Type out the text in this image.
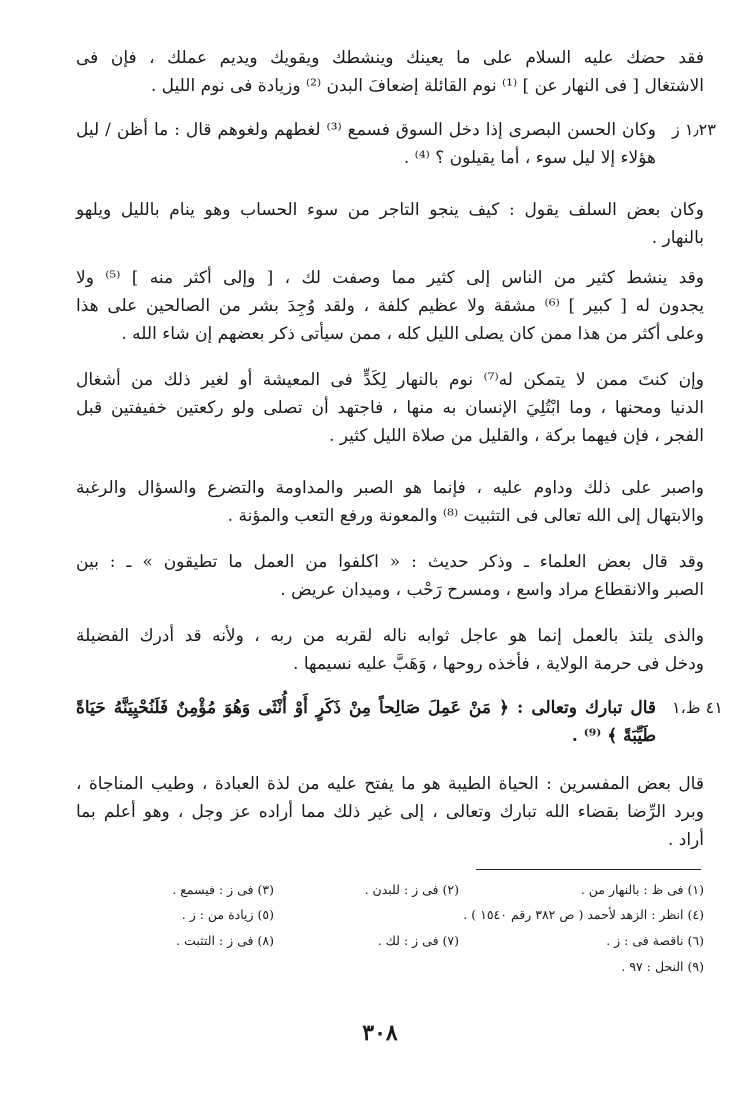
فقد حضك عليه السلام على ما يعينك وينشطك ويقويك ويديم عملك ، فإن فى
الاشتغال [ فى النهار عن ] ⁽¹⁾ نوم القائلة إضعافَ البدن ⁽²⁾ وزيادة فى نوم الليل .

١٫٢٣ ز

وكان الحسن البصرى إذا دخل السوق فسمع ⁽³⁾ لغطهم ولغوهم قال : ما أظن / ليل
هؤلاء إلا ليل سوء ، أما يقيلون ؟ ⁽⁴⁾ .

وكان بعض السلف يقول : كيف ينجو التاجر من سوء الحساب وهو ينام بالليل ويلهو
بالنهار .

وقد ينشط كثير من الناس إلى كثير مما وصفت لك ، [ وإلى أكثر منه ] ⁽⁵⁾ ولا
يجدون له [ كبير ] ⁽⁶⁾ مشقة ولا عظيم كلفة ، ولقد وُجِدَ بشر من الصالحين على هذا
وعلى أكثر من هذا ممن كان يصلى الليل كله ، ممن سيأتى ذكر بعضهم إن شاء الله .

وإن كنتَ ممن لا يتمكن له⁽⁷⁾ نوم بالنهار لِكَدٍّ فى المعيشة أو لغير ذلك من أشغال
الدنيا ومحنها ، وما ابْتُلِيَ الإنسان به منها ، فاجتهد أن تصلى ولو ركعتين خفيفتين قبل
الفجر ، فإن فيهما بركة ، والقليل من صلاة الليل كثير .

واصبر على ذلك وداوم عليه ، فإنما هو الصبر والمداومة والتضرع والسؤال والرغبة
والابتهال إلى الله تعالى فى التثبيت ⁽⁸⁾ والمعونة ورفع التعب والمؤنة .

وقد قال بعض العلماء ـ وذكر حديث : « اكلفوا من العمل ما تطيقون » ـ : بين
الصبر والانقطاع مراد واسع ، ومسرح رَحْب ، وميدان عريض .

والذى يلتذ بالعمل إنما هو عاجل ثوابه ناله لقربه من ربه ، ولأنه قد أدرك الفضيلة
ودخل فى حرمة الولاية ، فأخذه روحها ، وَهَبَّ عليه نسيمها .

٤١ ظ،١

قال تبارك وتعالى : ﴿ مَنْ عَمِلَ صَالِحاً مِنْ ذَكَرٍ أَوْ أُنْثَى وَهُوَ مُؤْمِنٌ فَلَنُحْيِيَنَّهُ حَيَاةً
طَيِّبَةً ﴾ ⁽⁹⁾ .

قال بعض المفسرين : الحياة الطيبة هو ما يفتح عليه من لذة العبادة ، وطيب المناجاة ،
وبرد الرِّضا بقضاء الله تبارك وتعالى ، إلى غير ذلك مما أراده عز وجل ، وهو أعلم بما
أراد .

(١) فى ظ : بالنهار من .
(٢) فى ز : للبدن .
(٣) فى ز : فيسمع .
(٤) انظر : الزهد لأحمد ( ص ٣٨٢ رقم ١٥٤٠ ) .
(٥) زيادة من : ز .
(٦) ناقصة فى : ز .
(٧) فى ز : لك .
(٨) فى ز : التثبت .
(٩) النحل : ٩٧ .
٣٠٨
